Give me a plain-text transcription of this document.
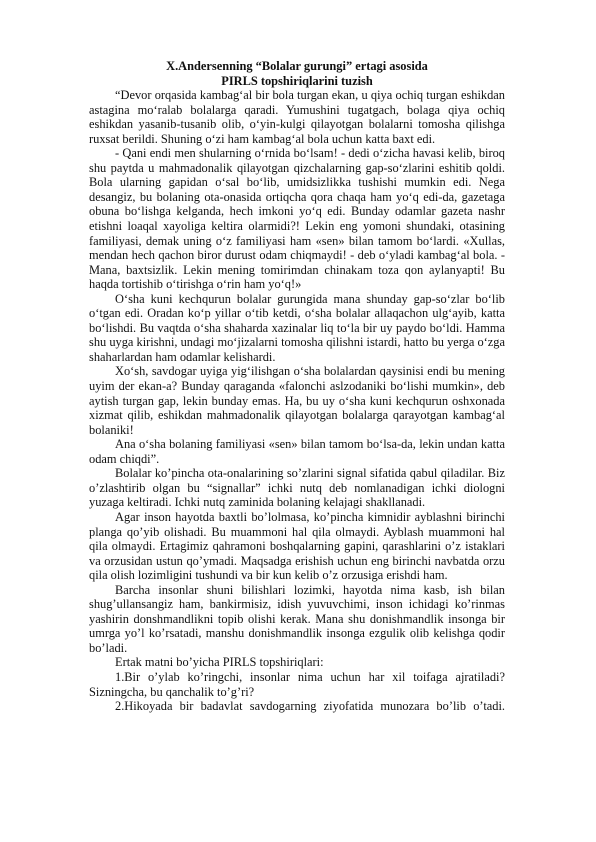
X.Andersenning “Bolalar gurungi” ertagi asosida
PIRLS topshiriqlarini tuzish

“Devor orqasida kambag‘al bir bola turgan ekan, u qiya ochiq turgan eshikdan astagina mo‘ralab bolalarga qaradi. Yumushini tugatgach, bolaga qiya ochiq eshikdan yasanib-tusanib olib, o‘yin-kulgi qilayotgan bolalarni tomosha qilishga ruxsat berildi. Shuning o‘zi ham kambag‘al bola uchun katta baxt edi.

- Qani endi men shularning o‘rnida bo‘lsam! - dedi o‘zicha havasi kelib, biroq shu paytda u mahmadonalik qilayotgan qizchalarning gap-so‘zlarini eshitib qoldi. Bola ularning gapidan o‘sal bo‘lib, umidsizlikka tushishi mumkin edi. Nega desangiz, bu bolaning ota-onasida ortiqcha qora chaqa ham yo‘q edi-da, gazetaga obuna bo‘lishga kelganda, hech imkoni yo‘q edi. Bunday odamlar gazeta nashr etishni loaqal xayoliga keltira olarmidi?! Lekin eng yomoni shundaki, otasining familiyasi, demak uning o‘z familiyasi ham «sen» bilan tamom bo‘lardi. «Xullas, mendan hech qachon biror durust odam chiqmaydi! - deb o‘yladi kambag‘al bola. - Mana, baxtsizlik. Lekin mening tomirimdan chinakam toza qon aylanyapti! Bu haqda tortishib o‘tirishga o‘rin ham yo‘q!»

O‘sha kuni kechqurun bolalar gurungida mana shunday gap-so‘zlar bo‘lib o‘tgan edi. Oradan ko‘p yillar o‘tib ketdi, o‘sha bolalar allaqachon ulg‘ayib, katta bo‘lishdi. Bu vaqtda o‘sha shaharda xazinalar liq to‘la bir uy paydo bo‘ldi. Hamma shu uyga kirishni, undagi mo‘jizalarni tomosha qilishni istardi, hatto bu yerga o‘zga shaharlardan ham odamlar kelishardi.

Xo‘sh, savdogar uyiga yig‘ilishgan o‘sha bolalardan qaysinisi endi bu mening uyim der ekan-a? Bunday qaraganda «falonchi aslzodaniki bo‘lishi mumkin», deb aytish turgan gap, lekin bunday emas. Ha, bu uy o‘sha kuni kechqurun oshxonada xizmat qilib, eshikdan mahmadonalik qilayotgan bolalarga qarayotgan kambag‘al bolaniki!

Ana o‘sha bolaning familiyasi «sen» bilan tamom bo‘lsa-da, lekin undan katta odam chiqdi”.

Bolalar ko’pincha ota-onalarining so’zlarini signal sifatida qabul qiladilar. Biz o’zlashtirib olgan bu “signallar” ichki nutq deb nomlanadigan ichki diologni yuzaga keltiradi. Ichki nutq zaminida bolaning kelajagi shakllanadi.

Agar inson hayotda baxtli bo’lolmasa, ko’pincha kimnidir ayblashni birinchi planga qo’yib olishadi. Bu muammoni hal qila olmaydi. Ayblash muammoni hal qila olmaydi. Ertagimiz qahramoni boshqalarning gapini, qarashlarini o’z istaklari va orzusidan ustun qo’ymadi. Maqsadga erishish uchun eng birinchi navbatda orzu qila olish lozimligini tushundi va bir kun kelib o’z orzusiga erishdi ham.

Barcha insonlar shuni bilishlari lozimki, hayotda nima kasb, ish bilan shug’ullansangiz ham, bankirmisiz, idish yuvuvchimi, inson ichidagi ko’rinmas yashirin donshmandlikni topib olishi kerak. Mana shu donishmandlik insonga bir umrga yo’l ko’rsatadi, manshu donishmandlik insonga ezgulik olib kelishga qodir bo’ladi.

Ertak matni bo’yicha PIRLS topshiriqlari:

1.Bir o’ylab ko’ringchi, insonlar nima uchun har xil toifaga ajratiladi? Sizningcha, bu qanchalik to’g’ri?

2.Hikoyada bir badavlat savdogarning ziyofatida munozara bo’lib o’tadi.
